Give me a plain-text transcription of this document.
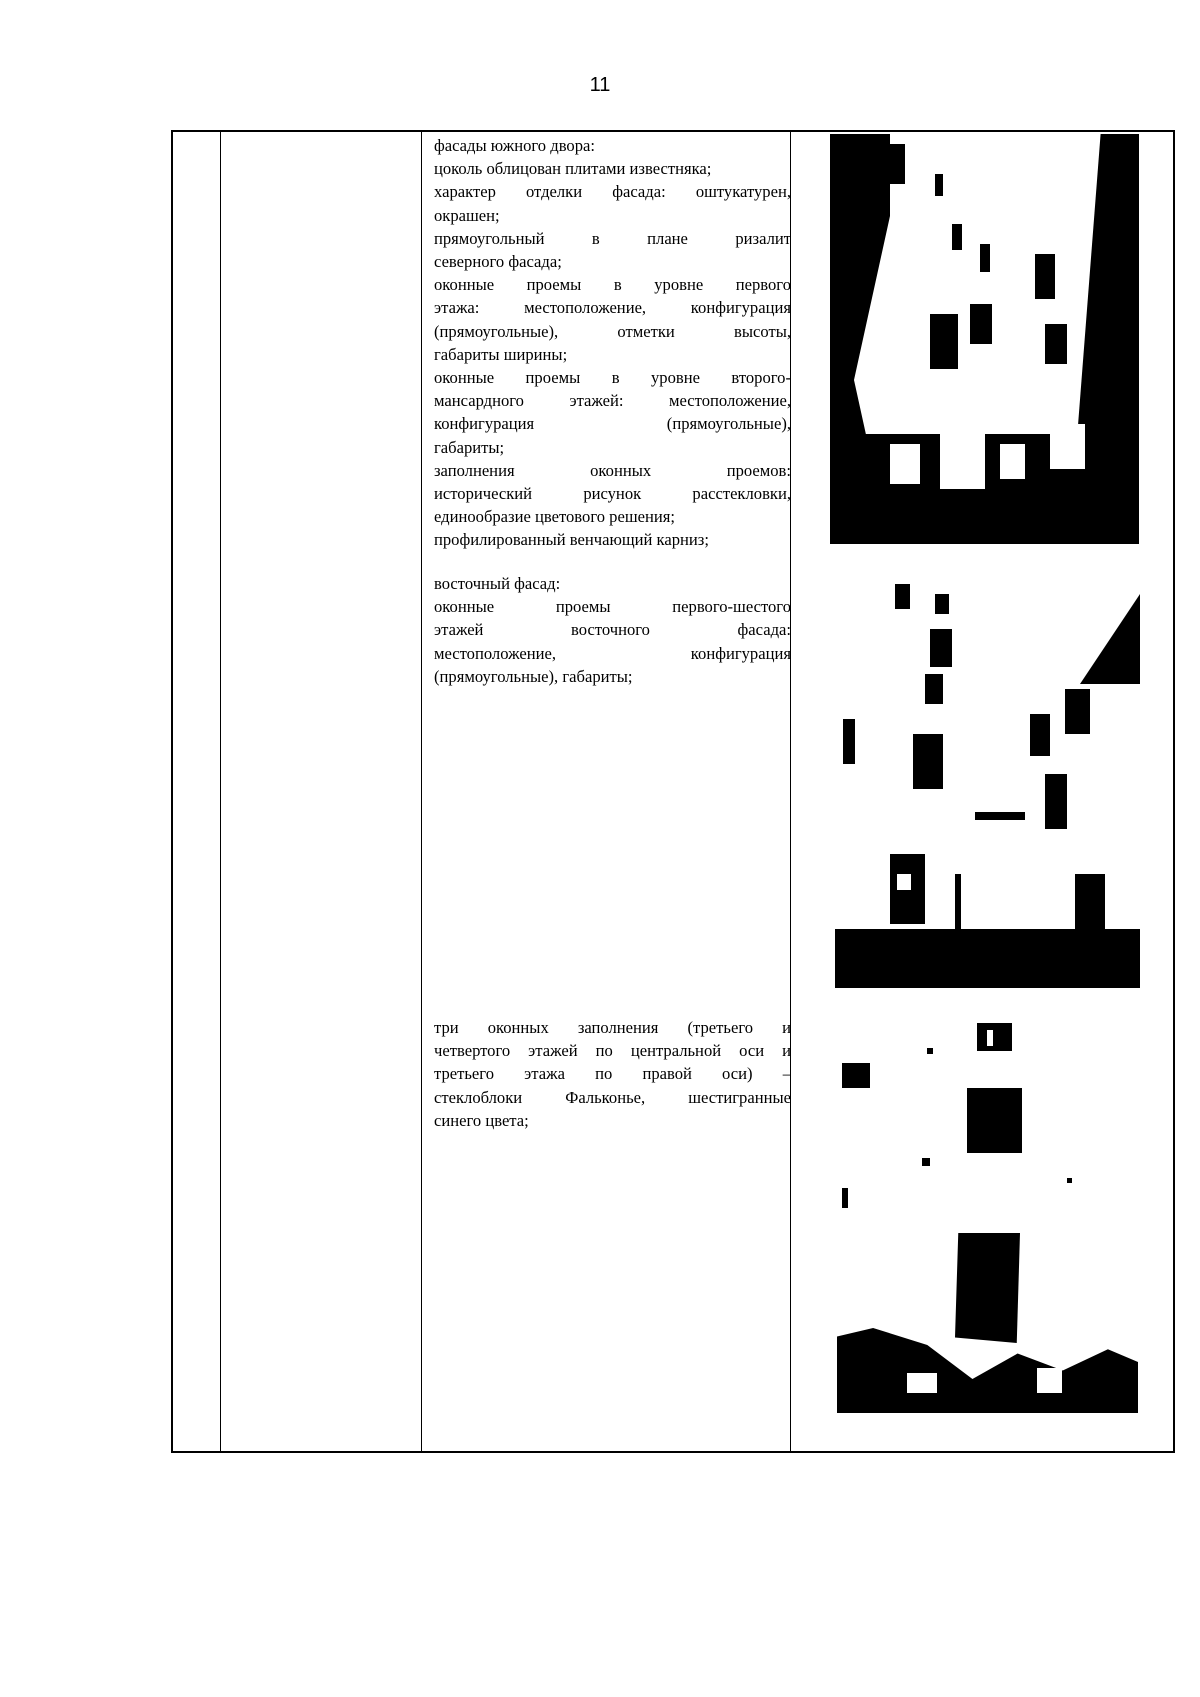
11
фасады южного двора:
цоколь облицован плитами известняка;
характер отделки фасада: оштукатурен,
окрашен;
прямоугольный в плане ризалит
северного фасада;
оконные проемы в уровне первого
этажа: местоположение, конфигурация
(прямоугольные), отметки высоты,
габариты ширины;
оконные проемы в уровне второго-
мансардного этажей: местоположение,
конфигурация (прямоугольные),
габариты;
заполнения оконных проемов:
исторический рисунок расстекловки,
единообразие цветового решения;
профилированный венчающий карниз;
восточный фасад:
оконные проемы первого-шестого
этажей восточного фасада:
местоположение, конфигурация
(прямоугольные), габариты;
три оконных заполнения (третьего и
четвертого этажей по центральной оси и
третьего этажа по правой оси) –
стеклоблоки Фальконье, шестигранные
синего цвета;
